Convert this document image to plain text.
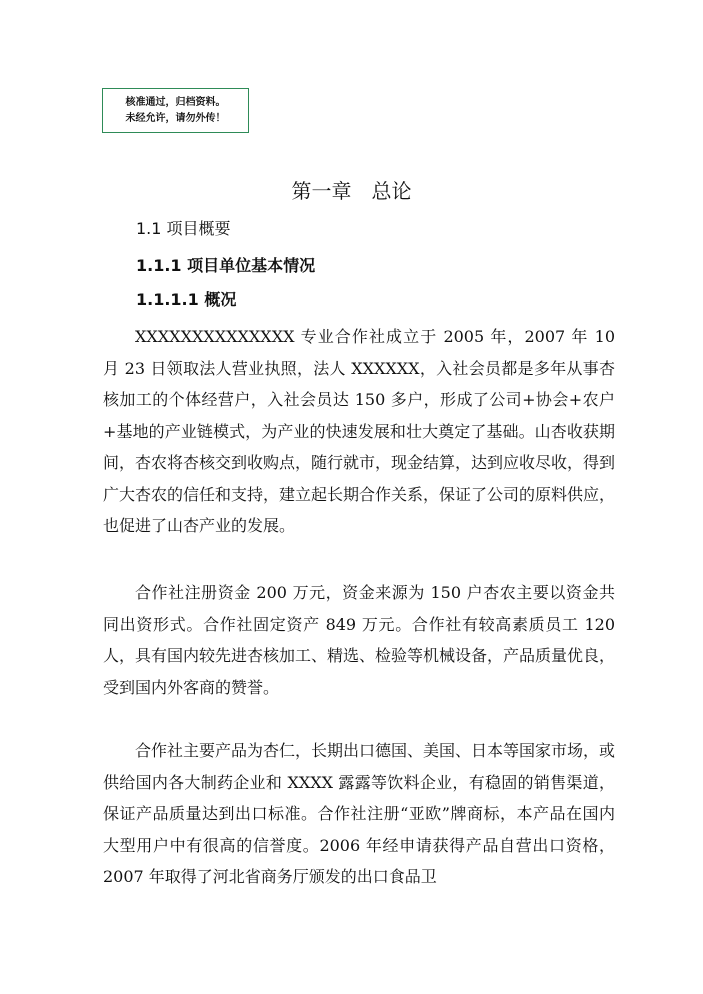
核准通过，归档资料。
未经允许，请勿外传！
第一章　总论
1.1 项目概要
1.1.1 项目单位基本情况
1.1.1.1 概况

XXXXXXXXXXXXXX 专业合作社成立于 2005 年，2007 年 10 月 23 日领取法人营业执照，法人 XXXXXX，入社会员都是多年从事杏核加工的个体经营户，入社会员达 150 多户，形成了公司+协会+农户+基地的产业链模式，为产业的快速发展和壮大奠定了基础。山杏收获期间，杏农将杏核交到收购点，随行就市，现金结算，达到应收尽收，得到广大杏农的信任和支持，建立起长期合作关系，保证了公司的原料供应，也促进了山杏产业的发展。

合作社注册资金 200 万元，资金来源为 150 户杏农主要以资金共同出资形式。合作社固定资产 849 万元。合作社有较高素质员工 120 人，具有国内较先进杏核加工、精选、检验等机械设备，产品质量优良，受到国内外客商的赞誉。

合作社主要产品为杏仁，长期出口德国、美国、日本等国家市场，或供给国内各大制药企业和 XXXX 露露等饮料企业，有稳固的销售渠道，保证产品质量达到出口标准。合作社注册“亚欧”牌商标，本产品在国内大型用户中有很高的信誉度。2006 年经申请获得产品自营出口资格，2007 年取得了河北省商务厅颁发的出口食品卫
